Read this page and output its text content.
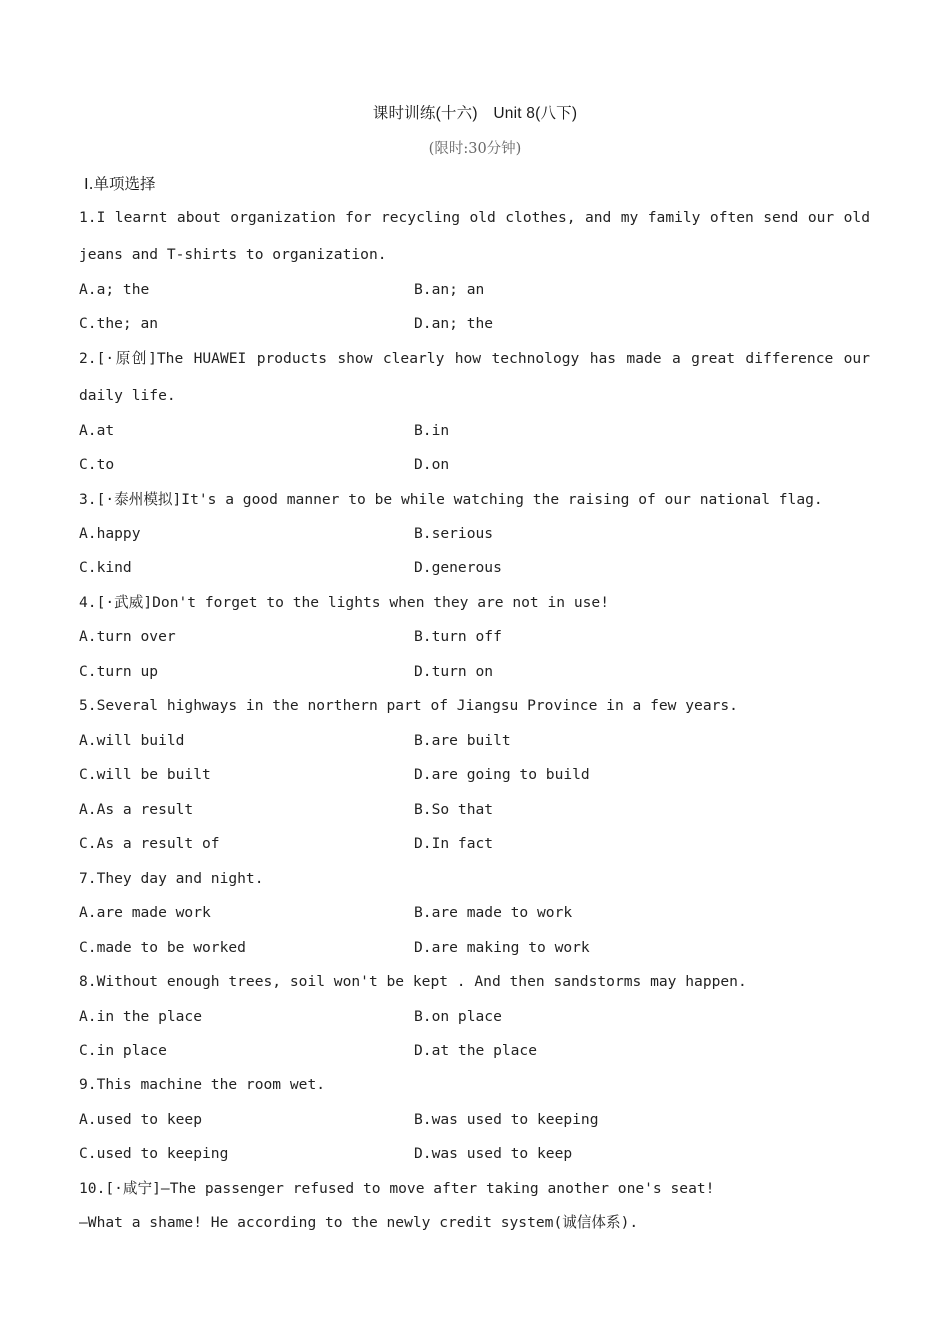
课时训练(十六)　Unit 8(八下)
(限时:30分钟)
Ⅰ.单项选择
1.I learnt about organization for recycling old clothes, and my family often send our old
jeans and T-shirts to organization.
A.a; the	B.an; an
C.the; an	D.an; the
2.[·原创]The HUAWEI products show clearly how technology has made a great difference our
daily life.
A.at	B.in
C.to	D.on
3.[·泰州模拟]It's a good manner to be while watching the raising of our national flag.
A.happy	B.serious
C.kind	D.generous
4.[·武威]Don't forget to the lights when they are not in use!
A.turn over	B.turn off
C.turn up	D.turn on
5.Several highways in the northern part of Jiangsu Province in a few years.
A.will build	B.are built
C.will be built	D.are going to build
A.As a result	B.So that
C.As a result of	D.In fact
7.They day and night.
A.are made work	B.are made to work
C.made to be worked	D.are making to work
8.Without enough trees, soil won't be kept . And then sandstorms may happen.
A.in the place	B.on place
C.in place	D.at the place
9.This machine the room wet.
A.used to keep	B.was used to keeping
C.used to keeping	D.was used to keep
10.[·咸宁]—The passenger refused to move after taking another one's seat!
—What a shame! He according to the newly credit system(诚信体系).
